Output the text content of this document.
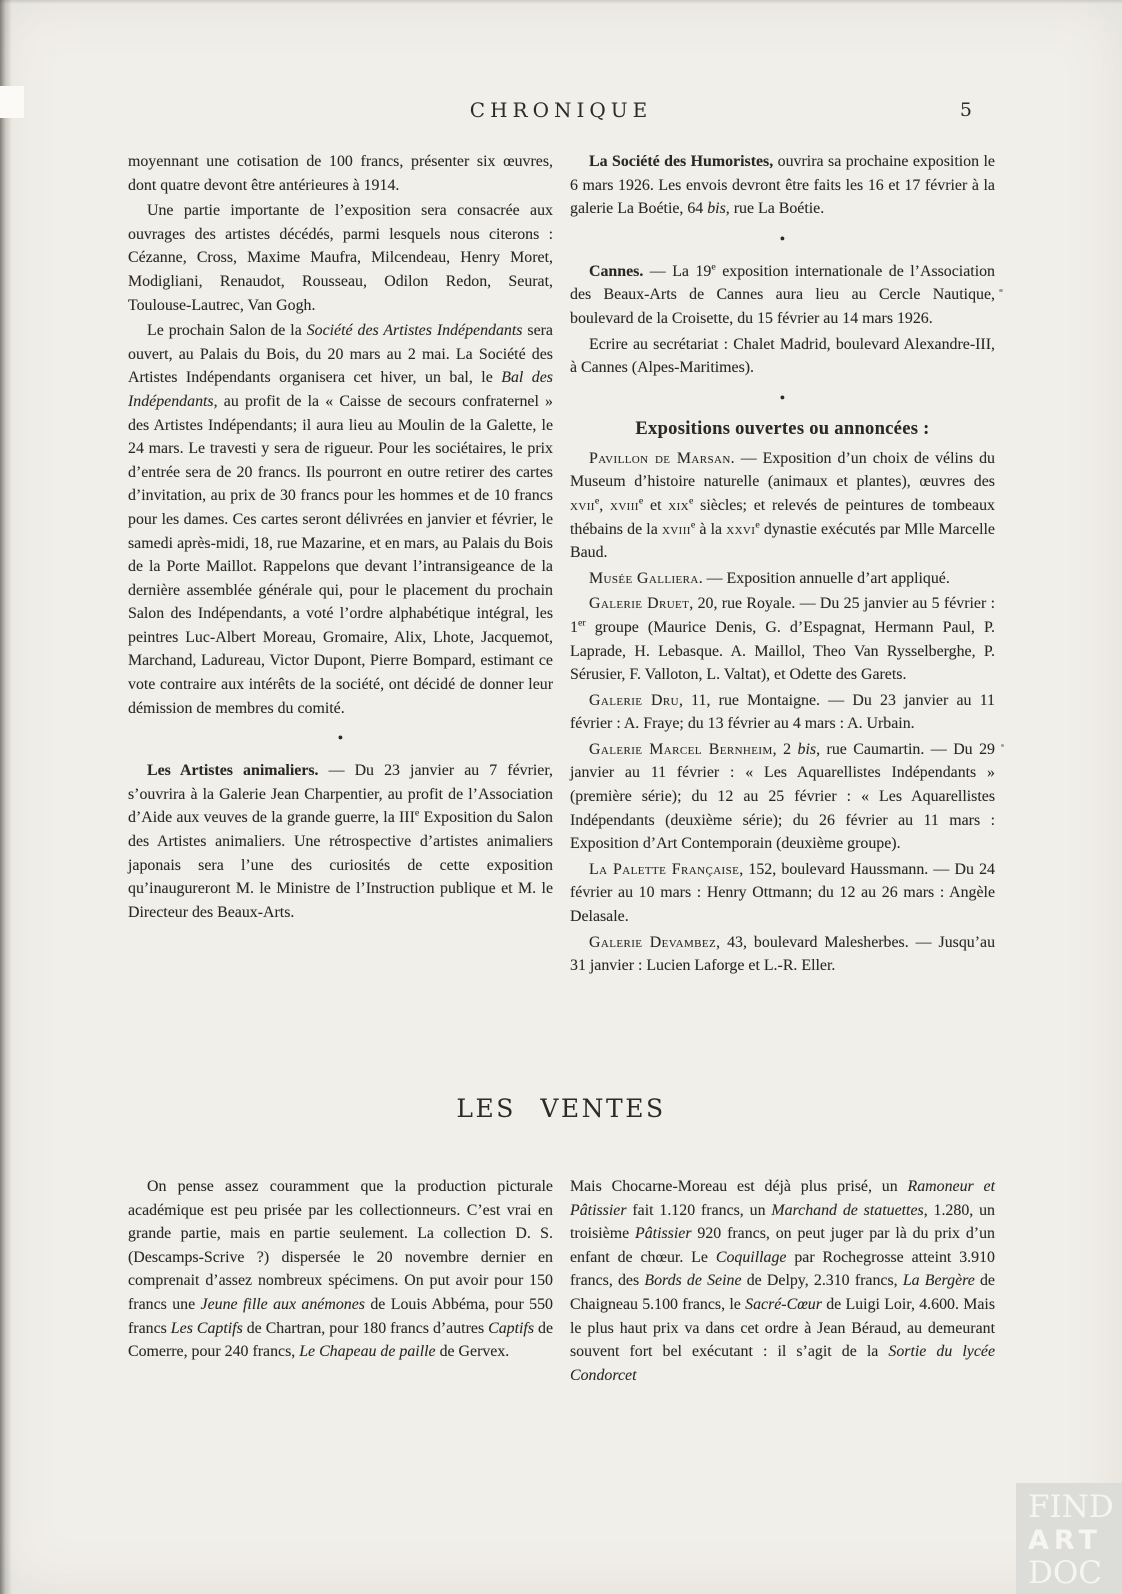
CHRONIQUE	5

moyennant une cotisation de 100 francs, présenter six œuvres, dont quatre devont être antérieures à 1914.

Une partie importante de l’exposition sera consacrée aux ouvrages des artistes décédés, parmi lesquels nous citerons : Cézanne, Cross, Maxime Maufra, Milcendeau, Henry Moret, Modigliani, Renaudot, Rousseau, Odilon Redon, Seurat, Toulouse-Lautrec, Van Gogh.

Le prochain Salon de la Société des Artistes Indépendants sera ouvert, au Palais du Bois, du 20 mars au 2 mai. La Société des Artistes Indépendants organisera cet hiver, un bal, le Bal des Indépendants, au profit de la « Caisse de secours confraternel » des Artistes Indépendants; il aura lieu au Moulin de la Galette, le 24 mars. Le travesti y sera de rigueur. Pour les sociétaires, le prix d’entrée sera de 20 francs. Ils pourront en outre retirer des cartes d’invitation, au prix de 30 francs pour les hommes et de 10 francs pour les dames. Ces cartes seront délivrées en janvier et février, le samedi après-midi, 18, rue Mazarine, et en mars, au Palais du Bois de la Porte Maillot. Rappelons que devant l’intransigeance de la dernière assemblée générale qui, pour le placement du prochain Salon des Indépendants, a voté l’ordre alphabétique intégral, les peintres Luc-Albert Moreau, Gromaire, Alix, Lhote, Jacquemot, Marchand, Ladureau, Victor Dupont, Pierre Bompard, estimant ce vote contraire aux intérêts de la société, ont décidé de donner leur démission de membres du comité.

●

Les Artistes animaliers. — Du 23 janvier au 7 février, s’ouvrira à la Galerie Jean Charpentier, au profit de l’Association d’Aide aux veuves de la grande guerre, la IIIe Exposition du Salon des Artistes animaliers. Une rétrospective d’artistes animaliers japonais sera l’une des curiosités de cette exposition qu’inaugureront M. le Ministre de l’Instruction publique et M. le Directeur des Beaux-Arts.

La Société des Humoristes, ouvrira sa prochaine exposition le 6 mars 1926. Les envois devront être faits les 16 et 17 février à la galerie La Boétie, 64 bis, rue La Boétie.

●

Cannes. — La 19e exposition internationale de l’Association des Beaux-Arts de Cannes aura lieu au Cercle Nautique, boulevard de la Croisette, du 15 février au 14 mars 1926.

Ecrire au secrétariat : Chalet Madrid, boulevard Alexandre-III, à Cannes (Alpes-Maritimes).

●
Expositions ouvertes ou annoncées :

Pavillon de Marsan. — Exposition d’un choix de vélins du Museum d’histoire naturelle (animaux et plantes), œuvres des xvii$^e$, xviii$^e$ et xix$^e$ siècles; et relevés de peintures de tombeaux thébains de la xviii$^e$ à la xxvi$^e$ dynastie exécutés par Mlle Marcelle Baud.

Musée Galliera. — Exposition annuelle d’art appliqué.

Galerie Druet, 20, rue Royale. — Du 25 janvier au 5 février : 1er groupe (Maurice Denis, G. d’Espagnat, Hermann Paul, P. Laprade, H. Lebasque. A. Maillol, Theo Van Rysselberghe, P. Sérusier, F. Valloton, L. Valtat), et Odette des Garets.

Galerie Dru, 11, rue Montaigne. — Du 23 janvier au 11 février : A. Fraye; du 13 février au 4 mars : A. Urbain.

Galerie Marcel Bernheim, 2 bis, rue Caumartin. — Du 29 janvier au 11 février : « Les Aquarellistes Indépendants » (première série); du 12 au 25 février : « Les Aquarellistes Indépendants (deuxième série); du 26 février au 11 mars : Exposition d’Art Contemporain (deuxième groupe).

La Palette Française, 152, boulevard Haussmann. — Du 24 février au 10 mars : Henry Ottmann; du 12 au 26 mars : Angèle Delasale.

Galerie Devambez, 43, boulevard Malesherbes. — Jusqu’au 31 janvier : Lucien Laforge et L.-R. Eller.

LES VENTES

On pense assez couramment que la production picturale académique est peu prisée par les collectionneurs. C’est vrai en grande partie, mais en partie seulement. La collection D. S. (Descamps-Scrive ?) dispersée le 20 novembre dernier en comprenait d’assez nombreux spécimens. On put avoir pour 150 francs une Jeune fille aux anémones de Louis Abbéma, pour 550 francs Les Captifs de Chartran, pour 180 francs d’autres Captifs de Comerre, pour 240 francs, Le Chapeau de paille de Gervex.

Mais Chocarne-Moreau est déjà plus prisé, un Ramoneur et Pâtissier fait 1.120 francs, un Marchand de statuettes, 1.280, un troisième Pâtissier 920 francs, on peut juger par là du prix d’un enfant de chœur. Le Coquillage par Rochegrosse atteint 3.910 francs, des Bords de Seine de Delpy, 2.310 francs, La Bergère de Chaigneau 5.100 francs, le Sacré-Cœur de Luigi Loir, 4.600. Mais le plus haut prix va dans cet ordre à Jean Béraud, au demeurant souvent fort bel exécutant : il s’agit de la Sortie du lycée Condorcet

FIND
ART
DOC
